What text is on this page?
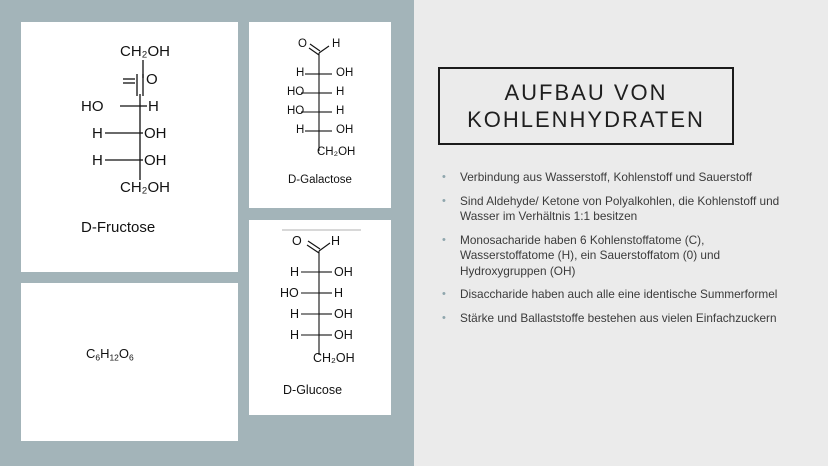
CH₂OH
O
HO	H
H	OH
H	OH
CH₂OH
D-Fructose
$C_6H_{12}O_6$
O H
H	OH
HO	H
HO	H
H	OH
CH₂OH
D-Galactose
O H
H	OH
HO	H
H	OH
H	OH
CH₂OH
D-Glucose
AUFBAU VON
KOHLENHYDRATEN
• Verbindung aus Wasserstoff, Kohlenstoff und Sauerstoff
• Sind Aldehyde/ Ketone von Polyalkohlen, die Kohlenstoff und Wasser im Verhältnis 1:1 besitzen
• Monosacharide haben 6 Kohlenstoffatome (C), Wasserstoffatome (H), ein Sauerstoffatom (0) und Hydroxygruppen (OH)
• Disaccharide haben auch alle eine identische Summerformel
• Stärke und Ballaststoffe bestehen aus vielen Einfachzuckern
